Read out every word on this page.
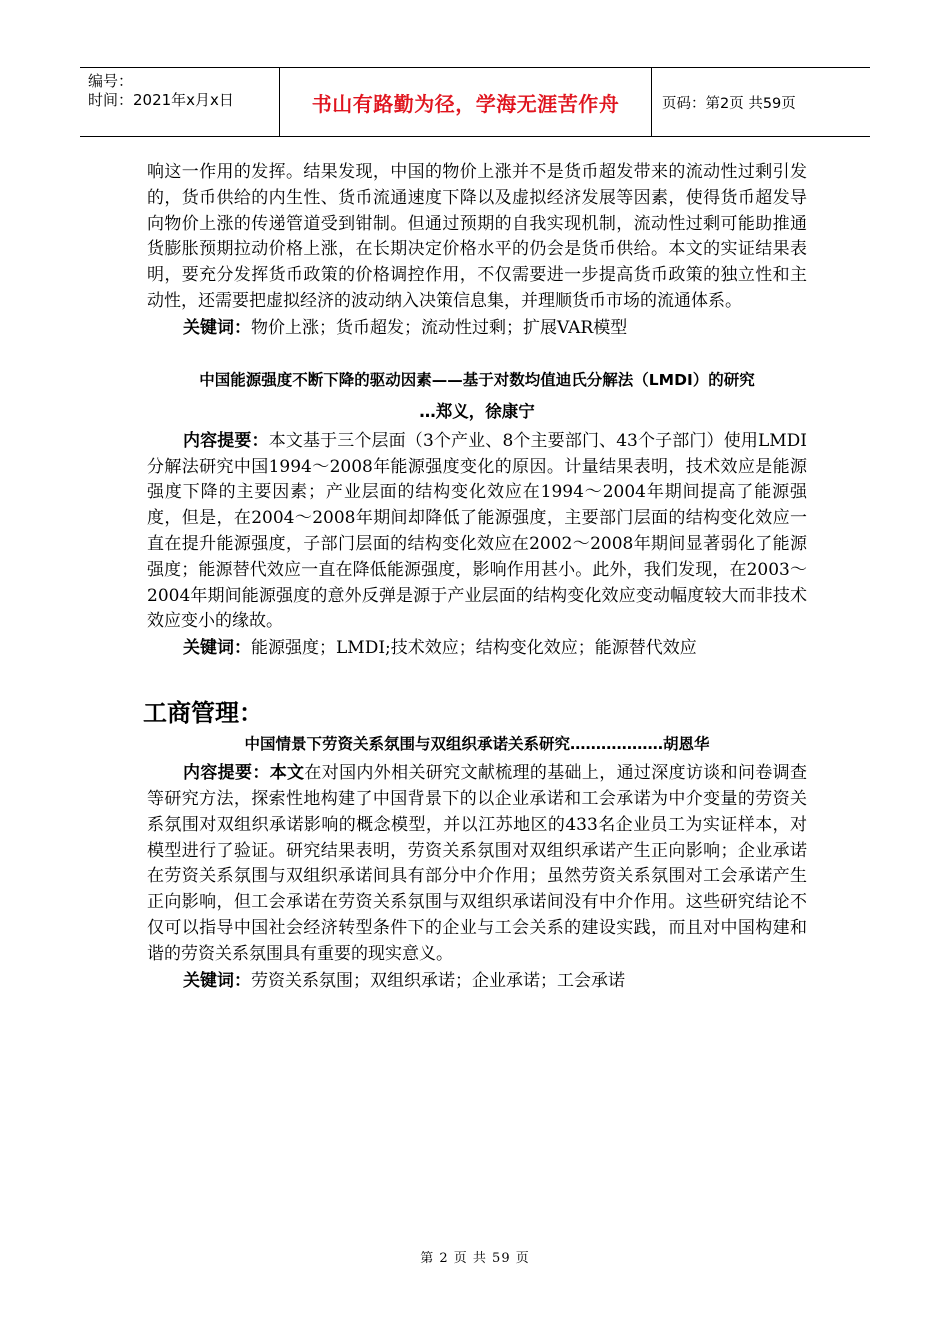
编号：
时间：2021年x月x日	书山有路勤为径，学海无涯苦作舟	页码：第2页 共59页

响这一作用的发挥。结果发现，中国的物价上涨并不是货币超发带来的流动性过剩引发的，货币供给的内生性、货币流通速度下降以及虚拟经济发展等因素，使得货币超发导向物价上涨的传递管道受到钳制。但通过预期的自我实现机制，流动性过剩可能助推通货膨胀预期拉动价格上涨，在长期决定价格水平的仍会是货币供给。本文的实证结果表明，要充分发挥货币政策的价格调控作用，不仅需要进一步提高货币政策的独立性和主动性，还需要把虚拟经济的波动纳入决策信息集，并理顺货币市场的流通体系。

关键词：物价上涨；货币超发；流动性过剩；扩展VAR模型

中国能源强度不断下降的驱动因素——基于对数均值迪氏分解法（LMDI）的研究

…郑义，徐康宁

内容提要：本文基于三个层面（3个产业、8个主要部门、43个子部门）使用LMDI分解法研究中国1994～2008年能源强度变化的原因。计量结果表明，技术效应是能源强度下降的主要因素；产业层面的结构变化效应在1994～2004年期间提高了能源强度，但是，在2004～2008年期间却降低了能源强度，主要部门层面的结构变化效应一直在提升能源强度，子部门层面的结构变化效应在2002～2008年期间显著弱化了能源强度；能源替代效应一直在降低能源强度，影响作用甚小。此外，我们发现，在2003～2004年期间能源强度的意外反弹是源于产业层面的结构变化效应变动幅度较大而非技术效应变小的缘故。

关键词：能源强度；LMDI;技术效应；结构变化效应；能源替代效应

工商管理：

中国情景下劳资关系氛围与双组织承诺关系研究………………胡恩华

内容提要：本文在对国内外相关研究文献梳理的基础上，通过深度访谈和问卷调查等研究方法，探索性地构建了中国背景下的以企业承诺和工会承诺为中介变量的劳资关系氛围对双组织承诺影响的概念模型，并以江苏地区的433名企业员工为实证样本，对模型进行了验证。研究结果表明，劳资关系氛围对双组织承诺产生正向影响；企业承诺在劳资关系氛围与双组织承诺间具有部分中介作用；虽然劳资关系氛围对工会承诺产生正向影响，但工会承诺在劳资关系氛围与双组织承诺间没有中介作用。这些研究结论不仅可以指导中国社会经济转型条件下的企业与工会关系的建设实践，而且对中国构建和谐的劳资关系氛围具有重要的现实意义。

关键词：劳资关系氛围；双组织承诺；企业承诺；工会承诺

第 2 页 共 59 页
